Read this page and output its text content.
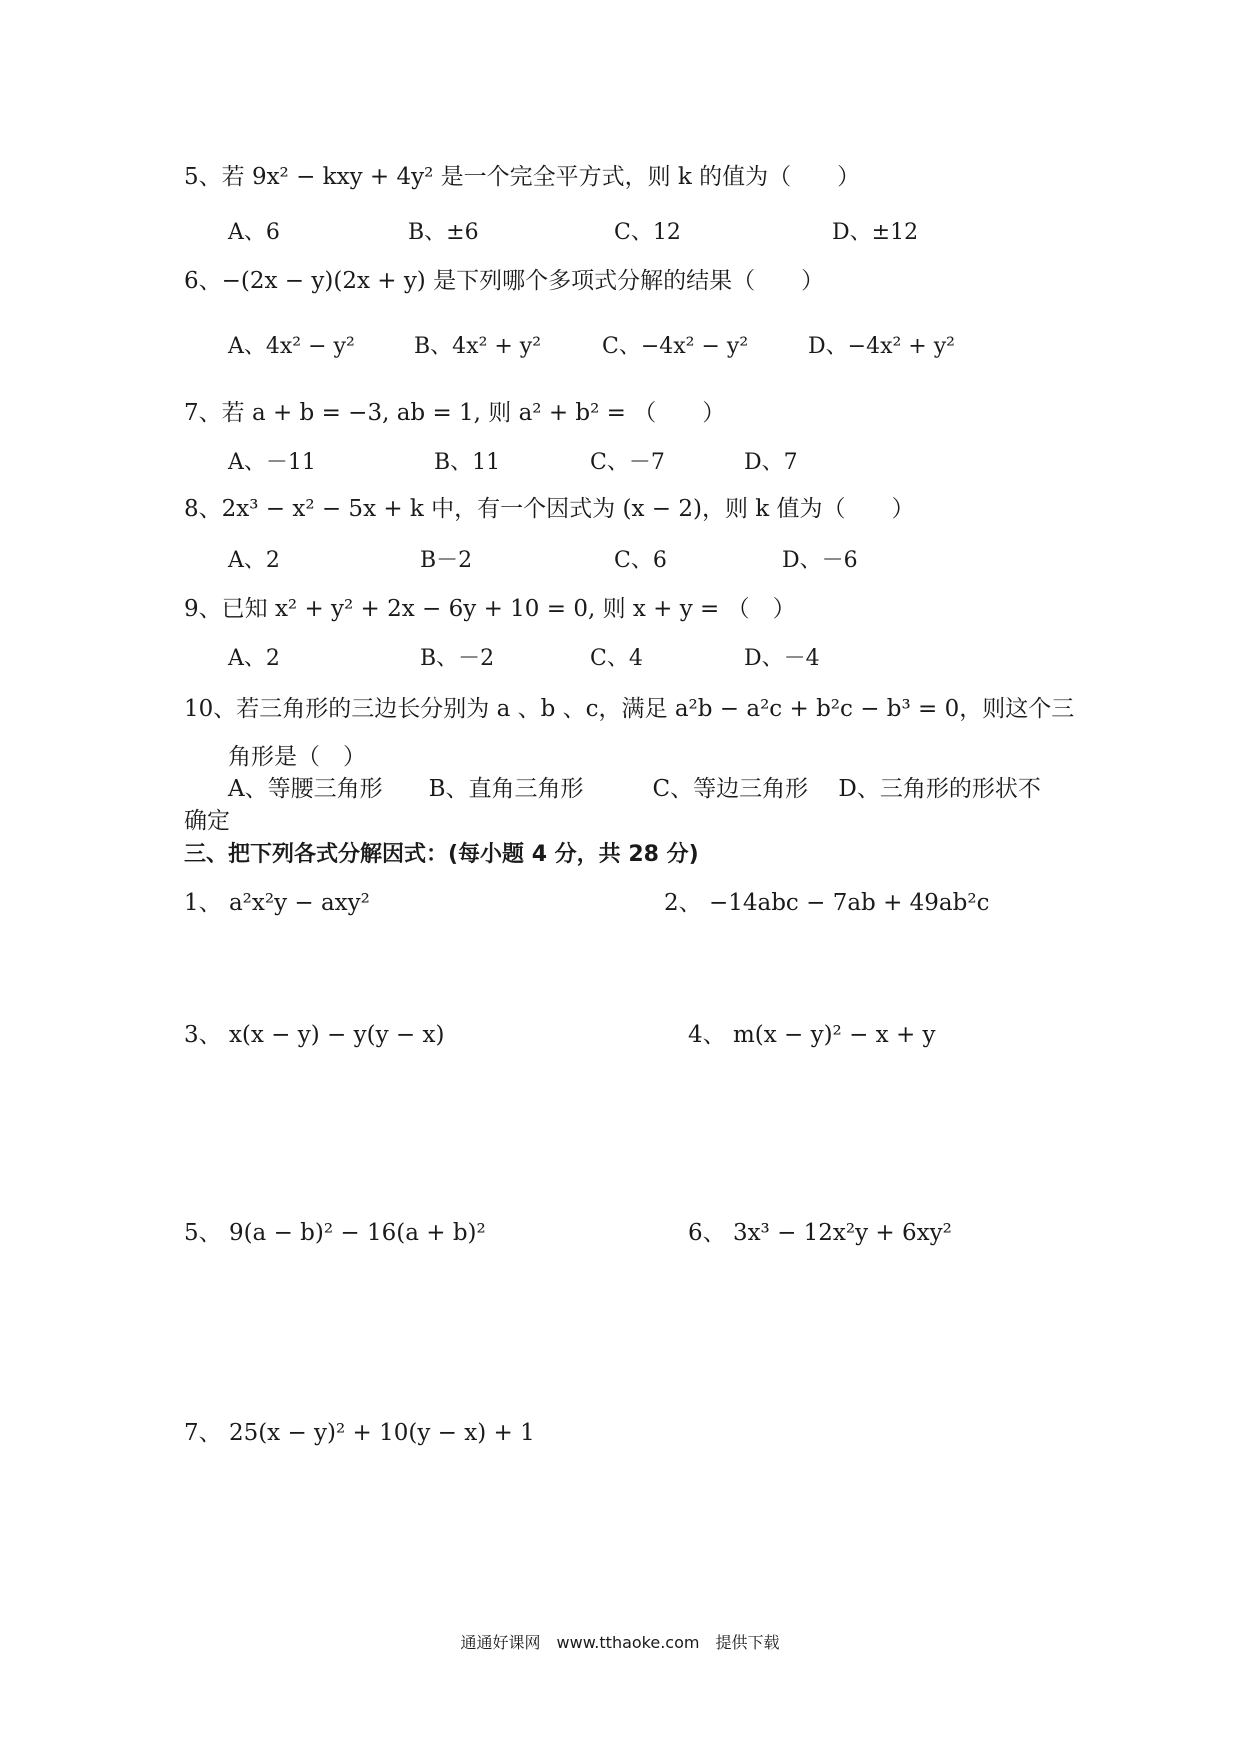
5、若 9x² − kxy + 4y² 是一个完全平方式，则 k 的值为（　　）
A、6	B、±6	C、12	D、±12
6、−(2x − y)(2x + y) 是下列哪个多项式分解的结果（　　）
A、4x² − y²	B、4x² + y²	C、−4x² − y²	D、−4x² + y²
7、若 a + b = −3, ab = 1, 则 a² + b² = （　　）
A、－11	B、11	C、－7	D、7
8、2x³ − x² − 5x + k 中，有一个因式为 (x − 2)，则 k 值为（　　）
A、2	B－2	C、6	D、－6
9、已知 x² + y² + 2x − 6y + 10 = 0, 则 x + y = （　）
A、2	B、－2	C、4	D、－4
10、若三角形的三边长分别为 a 、b 、c，满足 a²b − a²c + b²c − b³ = 0，则这个三
角形是（　）
A、等腰三角形　　B、直角三角形　　　C、等边三角形　 D、三角形的形状不
确定
三、把下列各式分解因式：(每小题 4 分，共 28 分)
1、 a²x²y − axy²	2、 −14abc − 7ab + 49ab²c
3、 x(x − y) − y(y − x)	4、 m(x − y)² − x + y
5、 9(a − b)² − 16(a + b)²	6、 3x³ − 12x²y + 6xy²
7、 25(x − y)² + 10(y − x) + 1
通通好课网　www.tthaoke.com　提供下载
